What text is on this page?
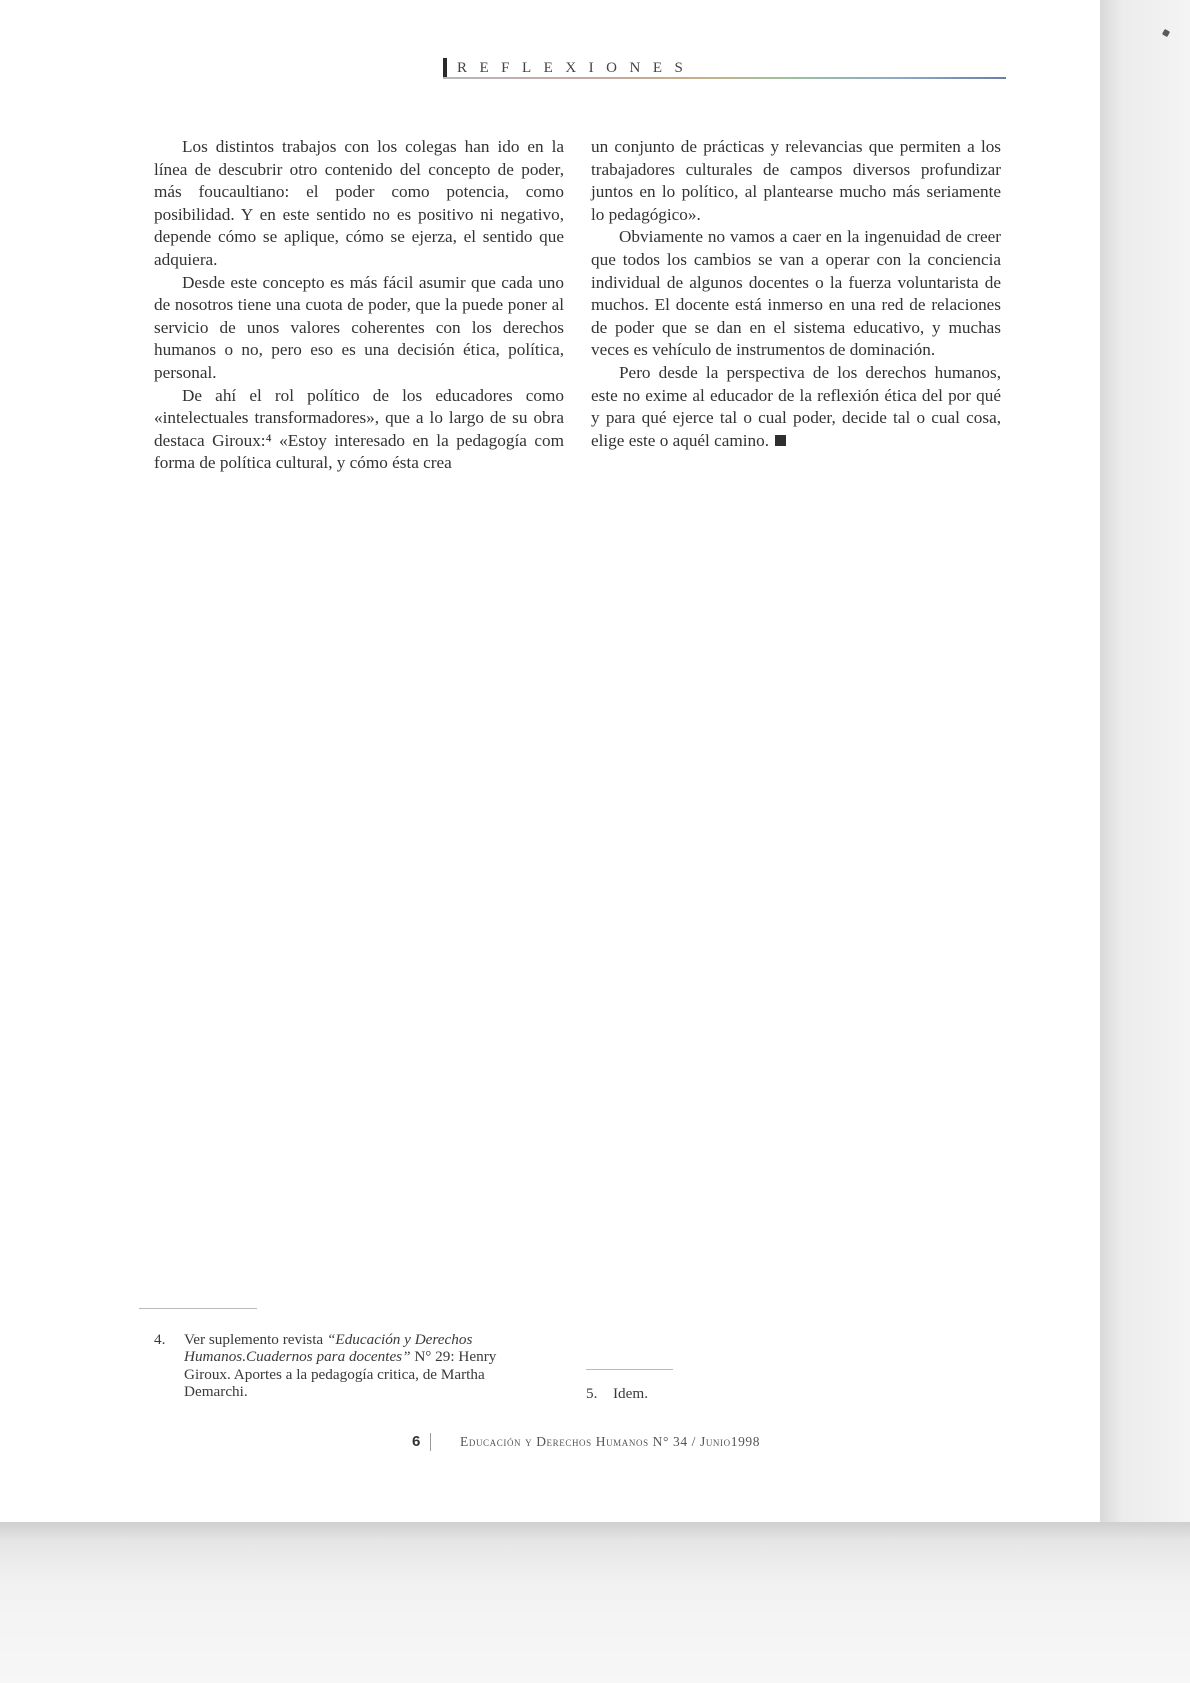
REFLEXIONES

Los distintos trabajos con los colegas han ido en la línea de descubrir otro contenido del concepto de poder, más foucaultiano: el poder como potencia, como posibilidad. Y en este sentido no es positivo ni negativo, depende cómo se aplique, cómo se ejerza, el sentido que adquiera.

Desde este concepto es más fácil asumir que cada uno de nosotros tiene una cuota de poder, que la puede poner al servicio de unos valores coherentes con los derechos humanos o no, pero eso es una decisión ética, política, personal.

De ahí el rol político de los educadores como «intelectuales transformadores», que a lo largo de su obra destaca Giroux:⁴ «Estoy interesado en la pedagogía com forma de política cultural, y cómo ésta crea

un conjunto de prácticas y relevancias que permiten a los trabajadores culturales de campos diversos profundizar juntos en lo político, al plantearse mucho más seriamente lo pedagógico».

Obviamente no vamos a caer en la ingenuidad de creer que todos los cambios se van a operar con la conciencia individual de algunos docentes o la fuerza voluntarista de muchos. El docente está inmerso en una red de relaciones de poder que se dan en el sistema educativo, y muchas veces es vehículo de instrumentos de dominación.

Pero desde la perspectiva de los derechos humanos, este no exime al educador de la reflexión ética del por qué y para qué ejerce tal o cual poder, decide tal o cual cosa, elige este o aquél camino.

4. Ver suplemento revista “Educación y Derechos Humanos.Cuadernos para docentes” N° 29: Henry Giroux. Aportes a la pedagogía critica, de Martha Demarchi.	5. Idem.
6	Educación y Derechos Humanos N° 34 / Junio1998
